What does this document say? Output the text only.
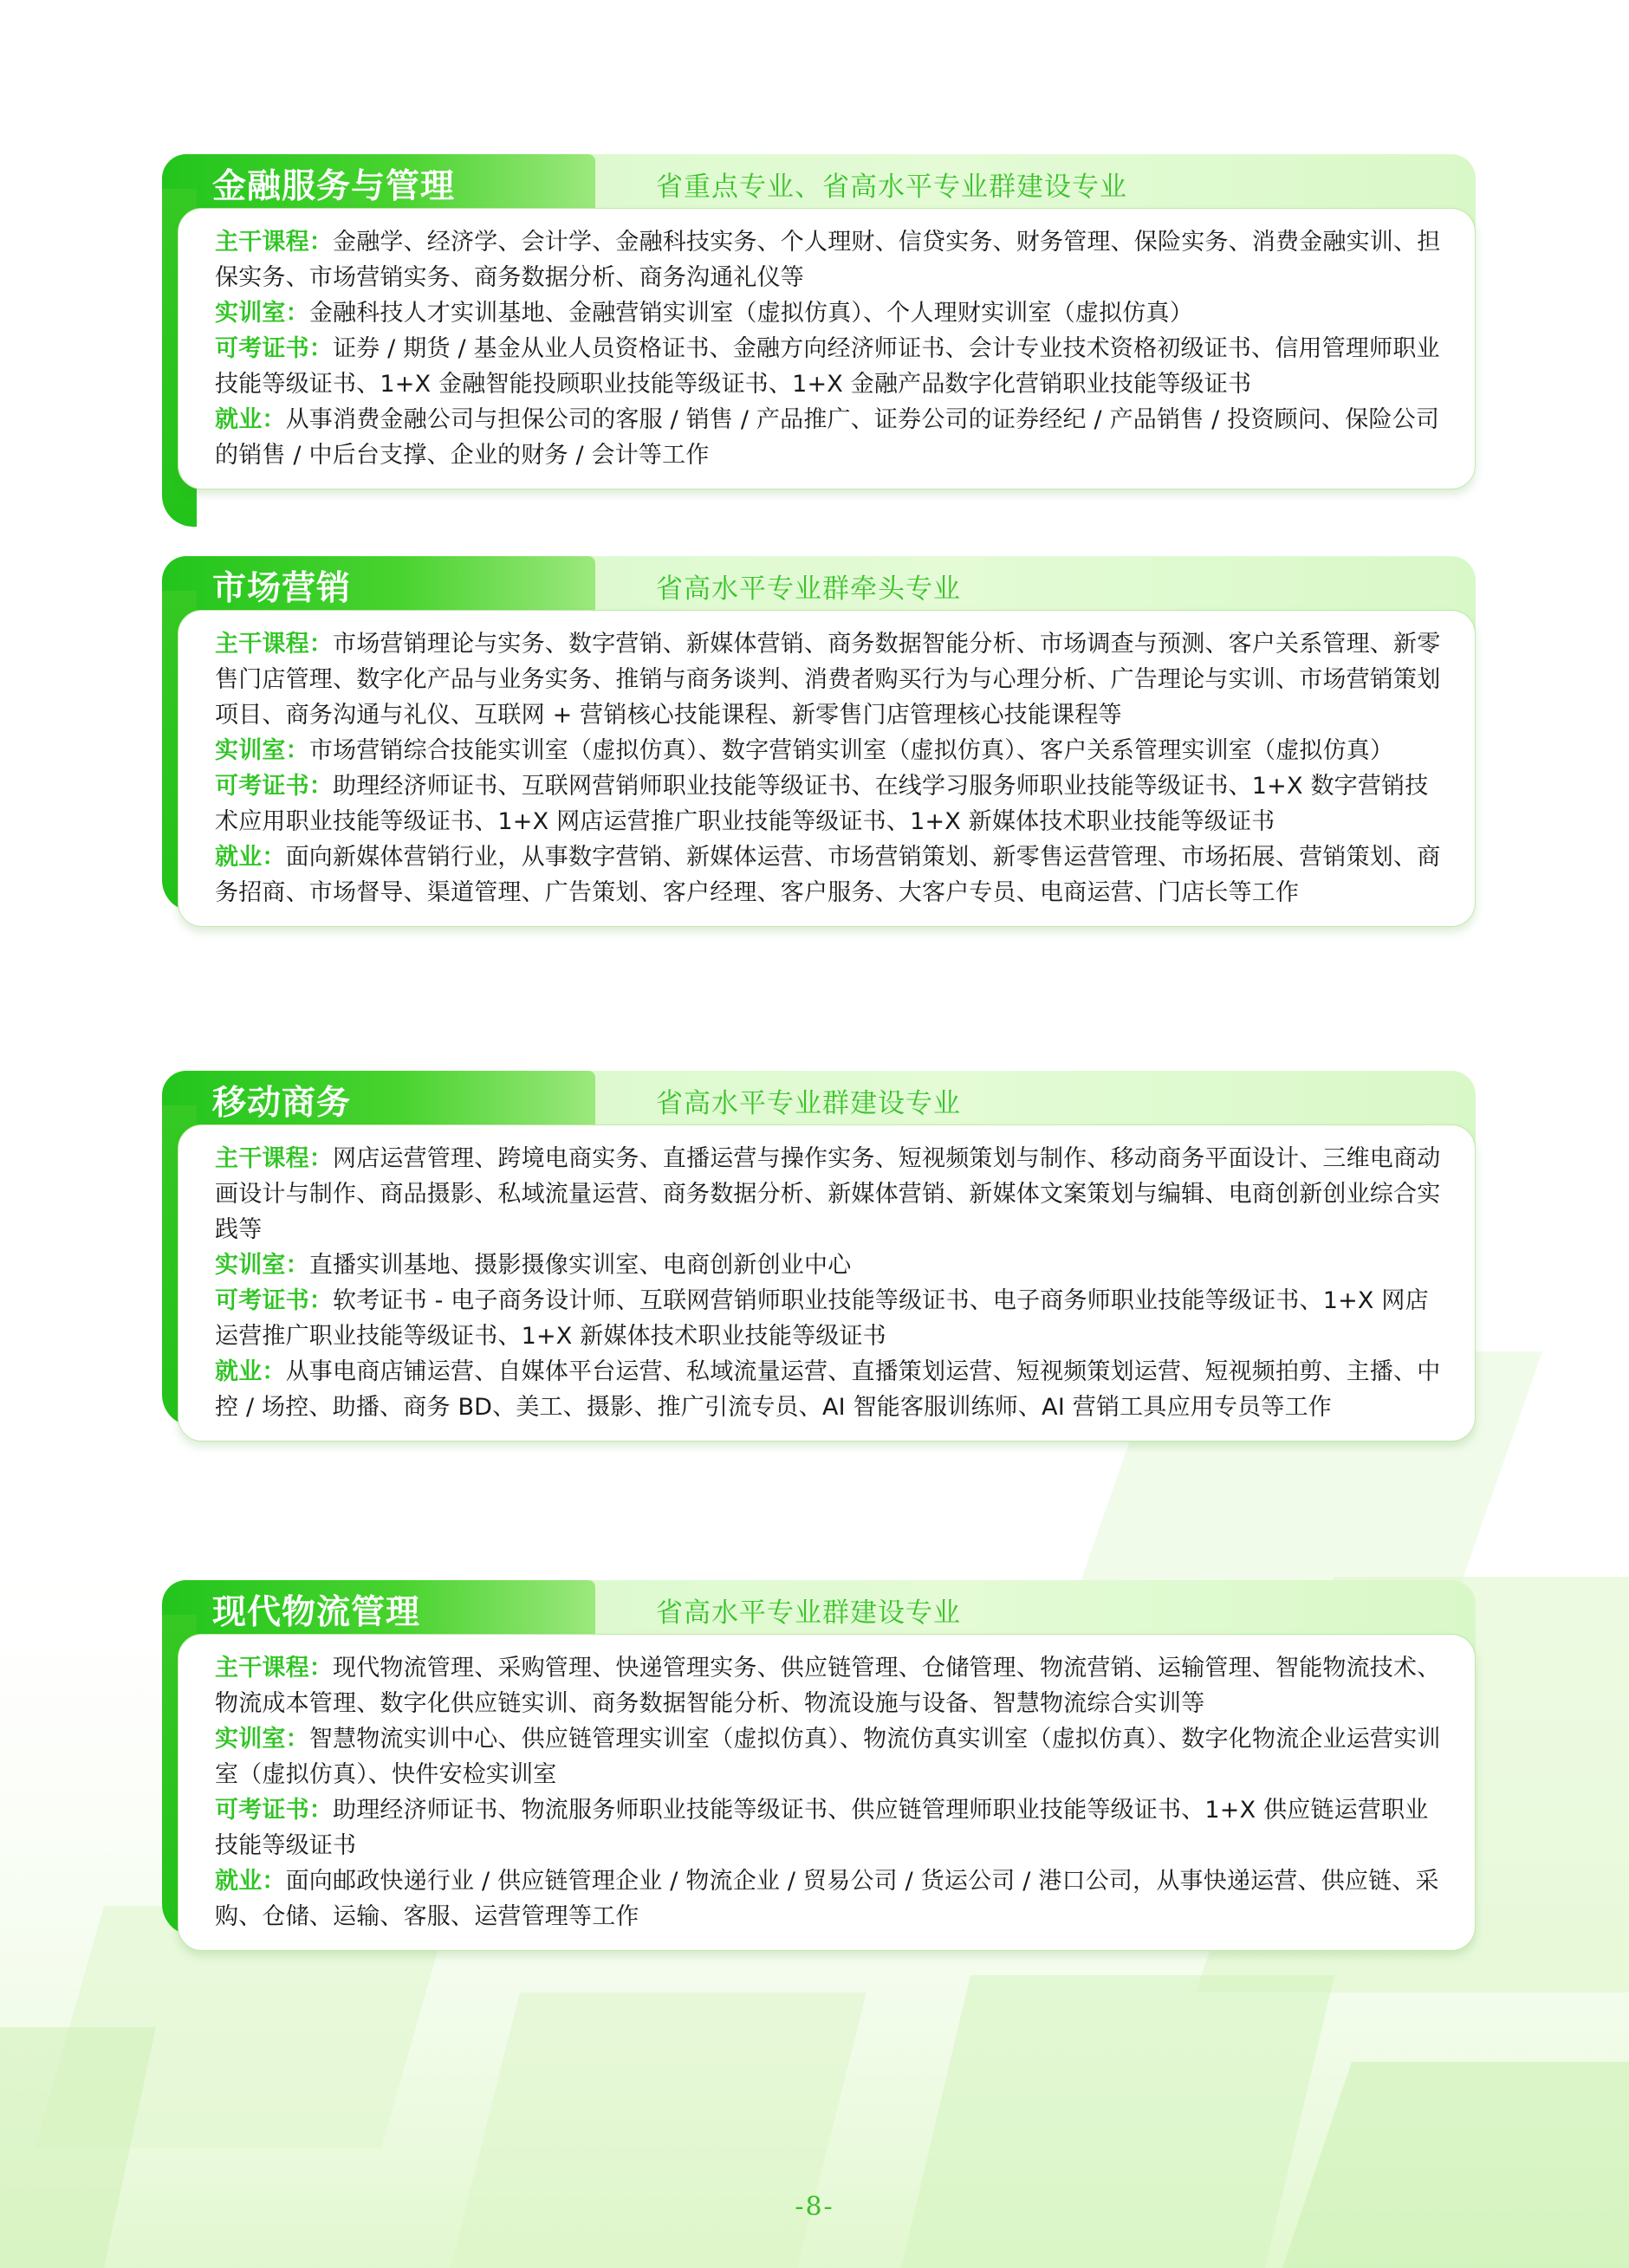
金融服务与管理	省重点专业、省高水平专业群建设专业
主干课程：金融学、经济学、会计学、金融科技实务、个人理财、信贷实务、财务管理、保险实务、消费金融实训、担保实务、市场营销实务、商务数据分析、商务沟通礼仪等
实训室：金融科技人才实训基地、金融营销实训室（虚拟仿真）、个人理财实训室（虚拟仿真）
可考证书：证券 / 期货 / 基金从业人员资格证书、金融方向经济师证书、会计专业技术资格初级证书、信用管理师职业技能等级证书、1+X 金融智能投顾职业技能等级证书、1+X 金融产品数字化营销职业技能等级证书
就业：从事消费金融公司与担保公司的客服 / 销售 / 产品推广、证券公司的证券经纪 / 产品销售 / 投资顾问、保险公司的销售 / 中后台支撑、企业的财务 / 会计等工作
市场营销	省高水平专业群牵头专业
主干课程：市场营销理论与实务、数字营销、新媒体营销、商务数据智能分析、市场调查与预测、客户关系管理、新零售门店管理、数字化产品与业务实务、推销与商务谈判、消费者购买行为与心理分析、广告理论与实训、市场营销策划项目、商务沟通与礼仪、互联网 + 营销核心技能课程、新零售门店管理核心技能课程等
实训室：市场营销综合技能实训室（虚拟仿真）、数字营销实训室（虚拟仿真）、客户关系管理实训室（虚拟仿真）
可考证书：助理经济师证书、互联网营销师职业技能等级证书、在线学习服务师职业技能等级证书、1+X 数字营销技术应用职业技能等级证书、1+X 网店运营推广职业技能等级证书、1+X 新媒体技术职业技能等级证书
就业：面向新媒体营销行业，从事数字营销、新媒体运营、市场营销策划、新零售运营管理、市场拓展、营销策划、商务招商、市场督导、渠道管理、广告策划、客户经理、客户服务、大客户专员、电商运营、门店长等工作
移动商务	省高水平专业群建设专业
主干课程：网店运营管理、跨境电商实务、直播运营与操作实务、短视频策划与制作、移动商务平面设计、三维电商动画设计与制作、商品摄影、私域流量运营、商务数据分析、新媒体营销、新媒体文案策划与编辑、电商创新创业综合实践等
实训室：直播实训基地、摄影摄像实训室、电商创新创业中心
可考证书：软考证书 - 电子商务设计师、互联网营销师职业技能等级证书、电子商务师职业技能等级证书、1+X 网店运营推广职业技能等级证书、1+X 新媒体技术职业技能等级证书
就业：从事电商店铺运营、自媒体平台运营、私域流量运营、直播策划运营、短视频策划运营、短视频拍剪、主播、中控 / 场控、助播、商务 BD、美工、摄影、推广引流专员、AI 智能客服训练师、AI 营销工具应用专员等工作
现代物流管理	省高水平专业群建设专业
主干课程：现代物流管理、采购管理、快递管理实务、供应链管理、仓储管理、物流营销、运输管理、智能物流技术、物流成本管理、数字化供应链实训、商务数据智能分析、物流设施与设备、智慧物流综合实训等
实训室：智慧物流实训中心、供应链管理实训室（虚拟仿真）、物流仿真实训室（虚拟仿真）、数字化物流企业运营实训室（虚拟仿真）、快件安检实训室
可考证书：助理经济师证书、物流服务师职业技能等级证书、供应链管理师职业技能等级证书、1+X 供应链运营职业技能等级证书
就业：面向邮政快递行业 / 供应链管理企业 / 物流企业 / 贸易公司 / 货运公司 / 港口公司，从事快递运营、供应链、采购、仓储、运输、客服、运营管理等工作
-8-
